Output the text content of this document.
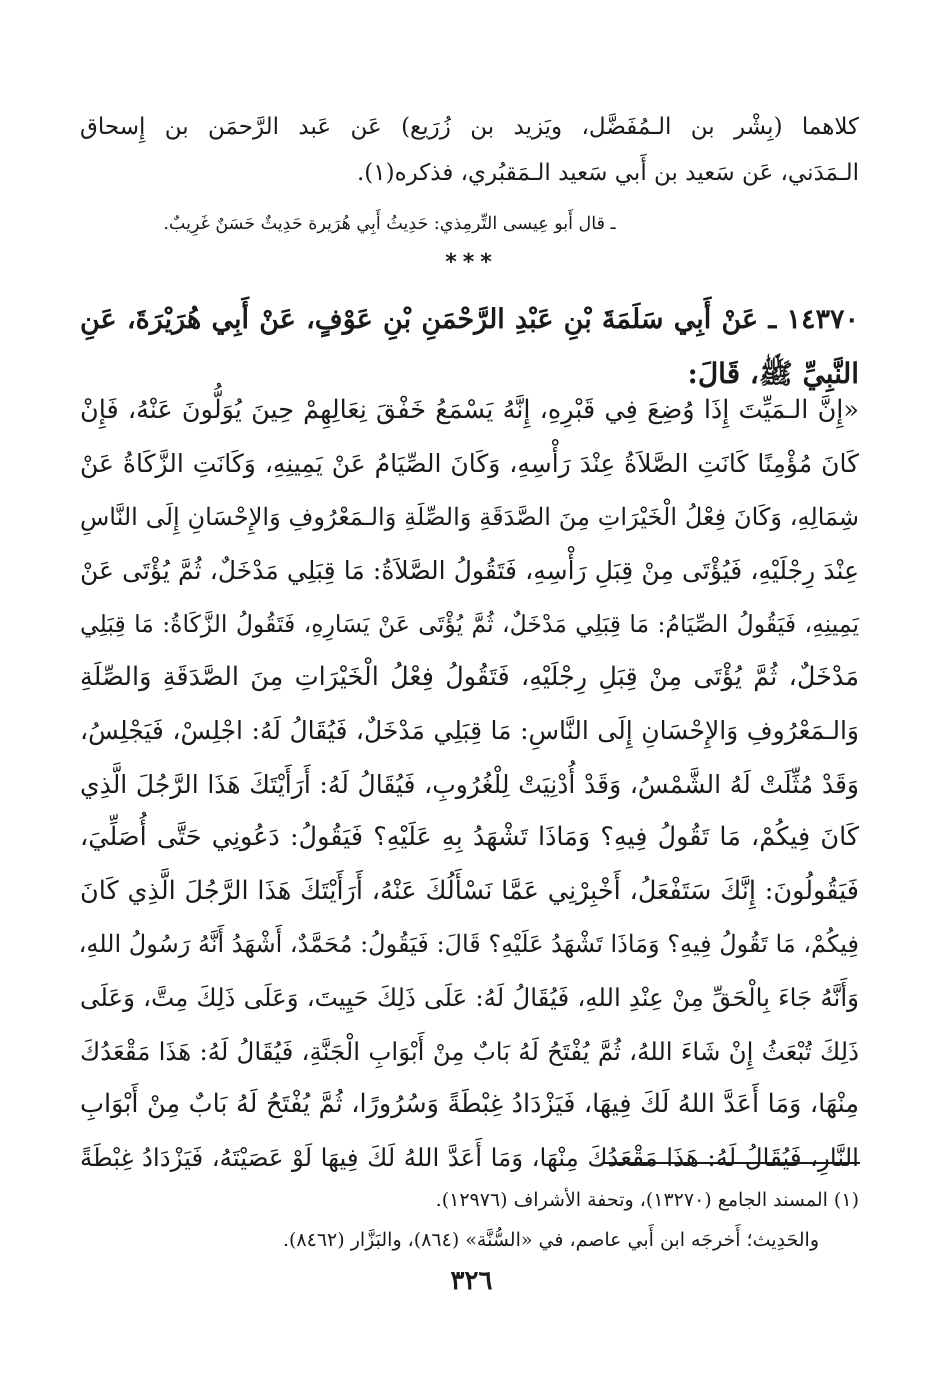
كلاهما (بِشْر بن الـمُفَضَّل، ويَزيد بن زُرَيع) عَن عَبد الرَّحمَن بن إِسحاق
الـمَدَني، عَن سَعيد بن أَبي سَعيد الـمَقبُري، فذكره(١).
ـ قال أَبو عِيسى التِّرمِذي: حَدِيثُ أَبِي هُرَيرة حَدِيثٌ حَسَنٌ غَرِيبٌ.
***
١٤٣٧٠ ـ عَنْ أَبِي سَلَمَةَ بْنِ عَبْدِ الرَّحْمَنِ بْنِ عَوْفٍ، عَنْ أَبِي هُرَيْرَةَ، عَنِ
النَّبِيِّ ﷺ، قَالَ:
«إِنَّ الـمَيِّتَ إِذَا وُضِعَ فِي قَبْرِهِ، إِنَّهُ يَسْمَعُ خَفْقَ نِعَالِهِمْ حِينَ يُوَلُّونَ عَنْهُ، فَإِنْ
كَانَ مُؤْمِنًا كَانَتِ الصَّلاَةُ عِنْدَ رَأْسِهِ، وَكَانَ الصِّيَامُ عَنْ يَمِينِهِ، وَكَانَتِ الزَّكَاةُ عَنْ
شِمَالِهِ، وَكَانَ فِعْلُ الْخَيْرَاتِ مِنَ الصَّدَقَةِ وَالصِّلَةِ وَالـمَعْرُوفِ وَالإِحْسَانِ إِلَى النَّاسِ
عِنْدَ رِجْلَيْهِ، فَيُؤْتَى مِنْ قِبَلِ رَأْسِهِ، فَتَقُولُ الصَّلاَةُ: مَا قِبَلِي مَدْخَلٌ، ثُمَّ يُؤْتَى عَنْ
يَمِينِهِ، فَيَقُولُ الصِّيَامُ: مَا قِبَلِي مَدْخَلٌ، ثُمَّ يُؤْتَى عَنْ يَسَارِهِ، فَتَقُولُ الزَّكَاةُ: مَا قِبَلِي
مَدْخَلٌ، ثُمَّ يُؤْتَى مِنْ قِبَلِ رِجْلَيْهِ، فَتَقُولُ فِعْلُ الْخَيْرَاتِ مِنَ الصَّدَقَةِ وَالصِّلَةِ
وَالـمَعْرُوفِ وَالإِحْسَانِ إِلَى النَّاسِ: مَا قِبَلِي مَدْخَلٌ، فَيُقَالُ لَهُ: اجْلِسْ، فَيَجْلِسُ،
وَقَدْ مُثِّلَتْ لَهُ الشَّمْسُ، وَقَدْ أُدْنِيَتْ لِلْغُرُوبِ، فَيُقَالُ لَهُ: أَرَأَيْتَكَ هَذَا الرَّجُلَ الَّذِي
كَانَ فِيكُمْ، مَا تَقُولُ فِيهِ؟ وَمَاذَا تَشْهَدُ بِهِ عَلَيْهِ؟ فَيَقُولُ: دَعُونِي حَتَّى أُصَلِّيَ،
فَيَقُولُونَ: إِنَّكَ سَتَفْعَلُ، أَخْبِرْنِي عَمَّا نَسْأَلُكَ عَنْهُ، أَرَأَيْتَكَ هَذَا الرَّجُلَ الَّذِي كَانَ
فِيكُمْ، مَا تَقُولُ فِيهِ؟ وَمَاذَا تَشْهَدُ عَلَيْهِ؟ قَالَ: فَيَقُولُ: مُحَمَّدٌ، أَشْهَدُ أَنَّهُ رَسُولُ اللهِ،
وَأَنَّهُ جَاءَ بِالْحَقِّ مِنْ عِنْدِ اللهِ، فَيُقَالُ لَهُ: عَلَى ذَلِكَ حَيِيتَ، وَعَلَى ذَلِكَ مِتَّ، وَعَلَى
ذَلِكَ تُبْعَثُ إِنْ شَاءَ اللهُ، ثُمَّ يُفْتَحُ لَهُ بَابٌ مِنْ أَبْوَابِ الْجَنَّةِ، فَيُقَالُ لَهُ: هَذَا مَقْعَدُكَ
مِنْهَا، وَمَا أَعَدَّ اللهُ لَكَ فِيهَا، فَيَزْدَادُ غِبْطَةً وَسُرُورًا، ثُمَّ يُفْتَحُ لَهُ بَابٌ مِنْ أَبْوَابِ
النَّارِ، فَيُقَالُ لَهُ: هَذَا مَقْعَدُكَ مِنْهَا، وَمَا أَعَدَّ اللهُ لَكَ فِيهَا لَوْ عَصَيْتَهُ، فَيَزْدَادُ غِبْطَةً
(١) المسند الجامع (١٣٢٧٠)، وتحفة الأشراف (١٢٩٧٦).
والحَدِيث؛ أَخرجَه ابن أَبي عاصم، في «السُّنَّة» (٨٦٤)، والبَزَّار (٨٤٦٢).
٣٢٦
